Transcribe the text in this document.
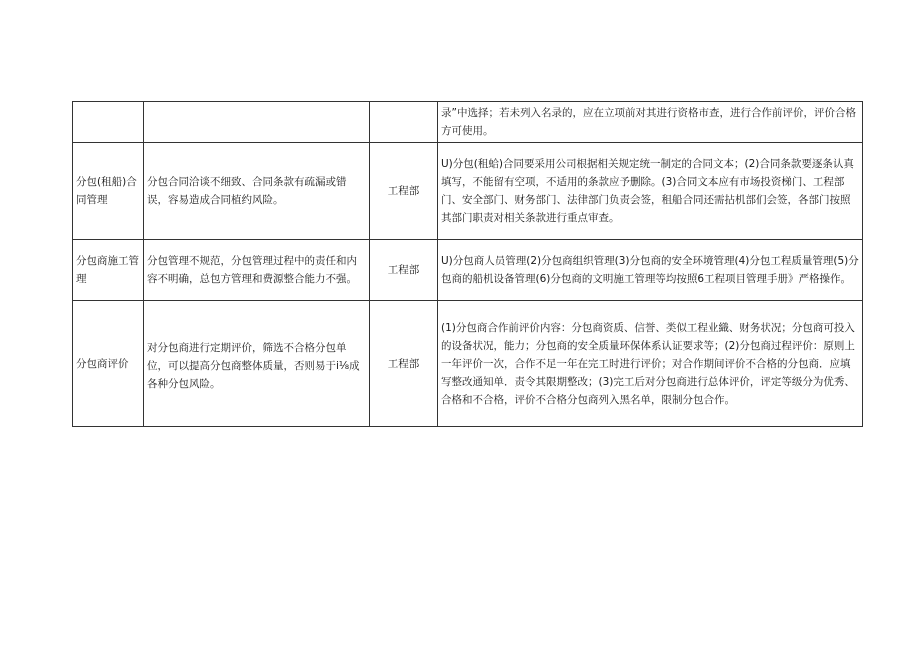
			录”中选择；若未列入名录的，应在立项前对其进行资格市查，进行合作前评价，评价合格方可使用。
分包(租船)合同管理	分包合同洽谈不细致、合同条款有疏漏或错误，容易造成合同植约风险。	工程部	U)分包(租蛤)合同要采用公司根据相关规定统一制定的合同文本；(2)合同条款要逐条认真填写，不能留有空项，不适用的条款应予删除。(3)合同文本应有市场投资梯门、工程部门、安全部门、财务部门、法律部门负责会签，租船合同还需拈机部们会签，各部门按照其部门职责对相关条款进行重点审查。
分包商施工管理	分包管理不规范，分包管理过程中的责任和内容不明确，总包方管理和费源整合能力不强。	工程部	U)分包商人员管理(2)分包商组织管理(3)分包商的安全环境管理(4)分包工程质量管理(5)分包商的船机设备管理(6)分包商的文明施工管理等均按照6工程项目管理手册》严格操作。
分包商评价	对分包商进行定期评价，筛选不合格分包单位，可以提高分包商整体质量，否则易于i⅛成各种分包风险。	工程部	(1)分包商合作前评价内容：分包商资质、信誉、类似工程业織、财务状况；分包商可投入的设备状况，能力；分包商的安全质量环保体系认证要求等；(2)分包商过程评价：原则上一年评价一次，合作不足一年在完工时进行评价；对合作期间评价不合格的分包商．应填写整改通知单．责令其限期整改；(3)完工后对分包商进行总体评价，评定等级分为优秀、合格和不合格，评价不合格分包商列入黑名单，限制分包合作。
